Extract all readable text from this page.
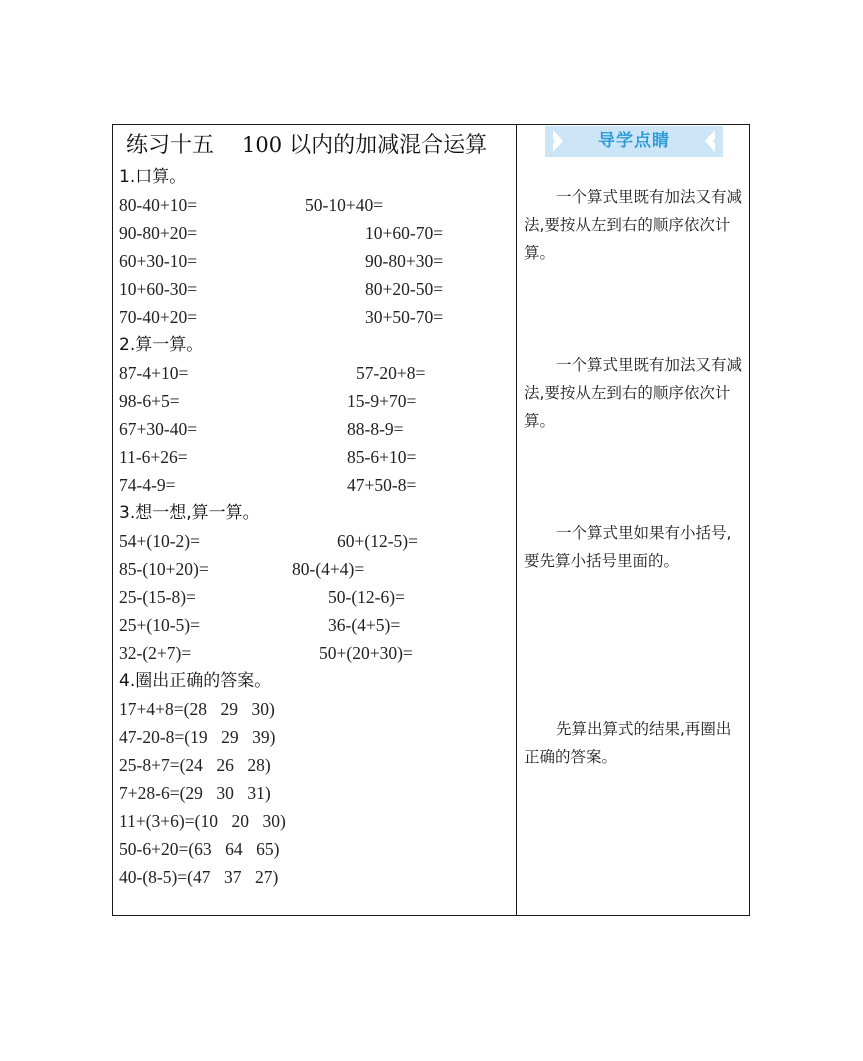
练习十五 100 以内的加减混合运算
1.口算。
80-40+10=	50-10+40=
90-80+20=	10+60-70=
60+30-10=	90-80+30=
10+60-30=	80+20-50=
70-40+20=	30+50-70=
2.算一算。
87-4+10=	57-20+8=
98-6+5=	15-9+70=
67+30-40=	88-8-9=
11-6+26=	85-6+10=
74-4-9=	47+50-8=
3.想一想,算一算。
54+(10-2)=	60+(12-5)=
85-(10+20)=	80-(4+4)=
25-(15-8)=	50-(12-6)=
25+(10-5)=	36-(4+5)=
32-(2+7)=	50+(20+30)=
4.圈出正确的答案。
17+4+8=(28 29 30)
47-20-8=(19 29 39)
25-8+7=(24 26 28)
7+28-6=(29 30 31)
11+(3+6)=(10 20 30)
50-6+20=(63 64 65)
40-(8-5)=(47 37 27)
导学点睛
一个算式里既有加法又有减法,要按从左到右的顺序依次计算。
一个算式里既有加法又有减法,要按从左到右的顺序依次计算。
一个算式里如果有小括号,要先算小括号里面的。
先算出算式的结果,再圈出正确的答案。
